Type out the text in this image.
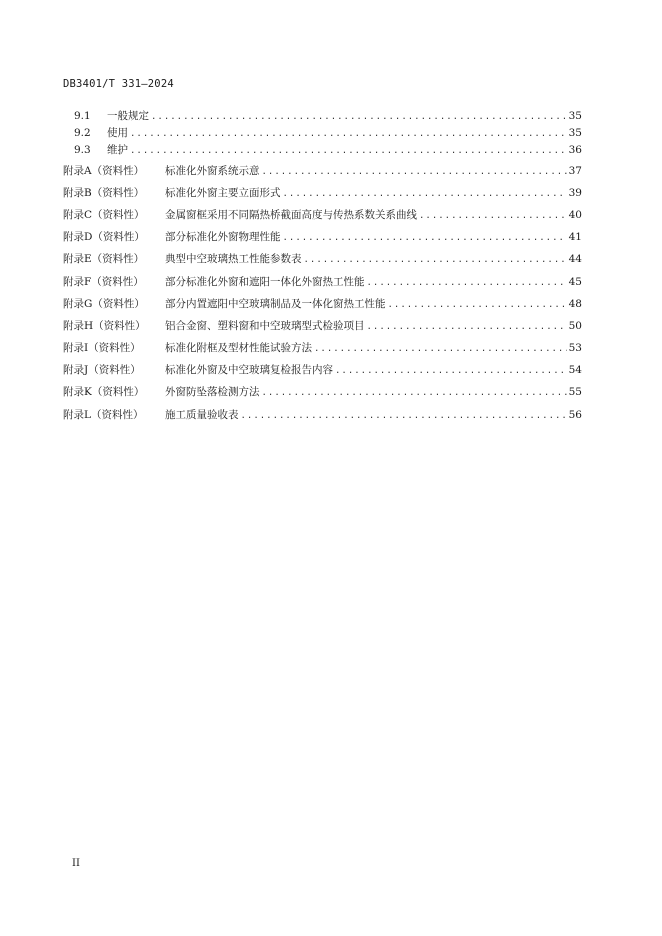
DB3401/T 331—2024
9.1	一般规定 .....	35
9.2	使用 .....	35
9.3	维护 .....	36
附录A（资料性）	标准化外窗系统示意 .....	37
附录B（资料性）	标准化外窗主要立面形式 .....	39
附录C（资料性）	金属窗框采用不同隔热桥截面高度与传热系数关系曲线 .....	40
附录D（资料性）	部分标准化外窗物理性能 .....	41
附录E（资料性）	典型中空玻璃热工性能参数表 .....	44
附录F（资料性）	部分标准化外窗和遮阳一体化外窗热工性能 .....	45
附录G（资料性）	部分内置遮阳中空玻璃制品及一体化窗热工性能 .....	48
附录H（资料性）	铝合金窗、塑料窗和中空玻璃型式检验项目 .....	50
附录I（资料性）	标准化附框及型材性能试验方法 .....	53
附录J（资料性）	标准化外窗及中空玻璃复检报告内容 .....	54
附录K（资料性）	外窗防坠落检测方法 .....	55
附录L（资料性）	施工质量验收表 .....	56
II
